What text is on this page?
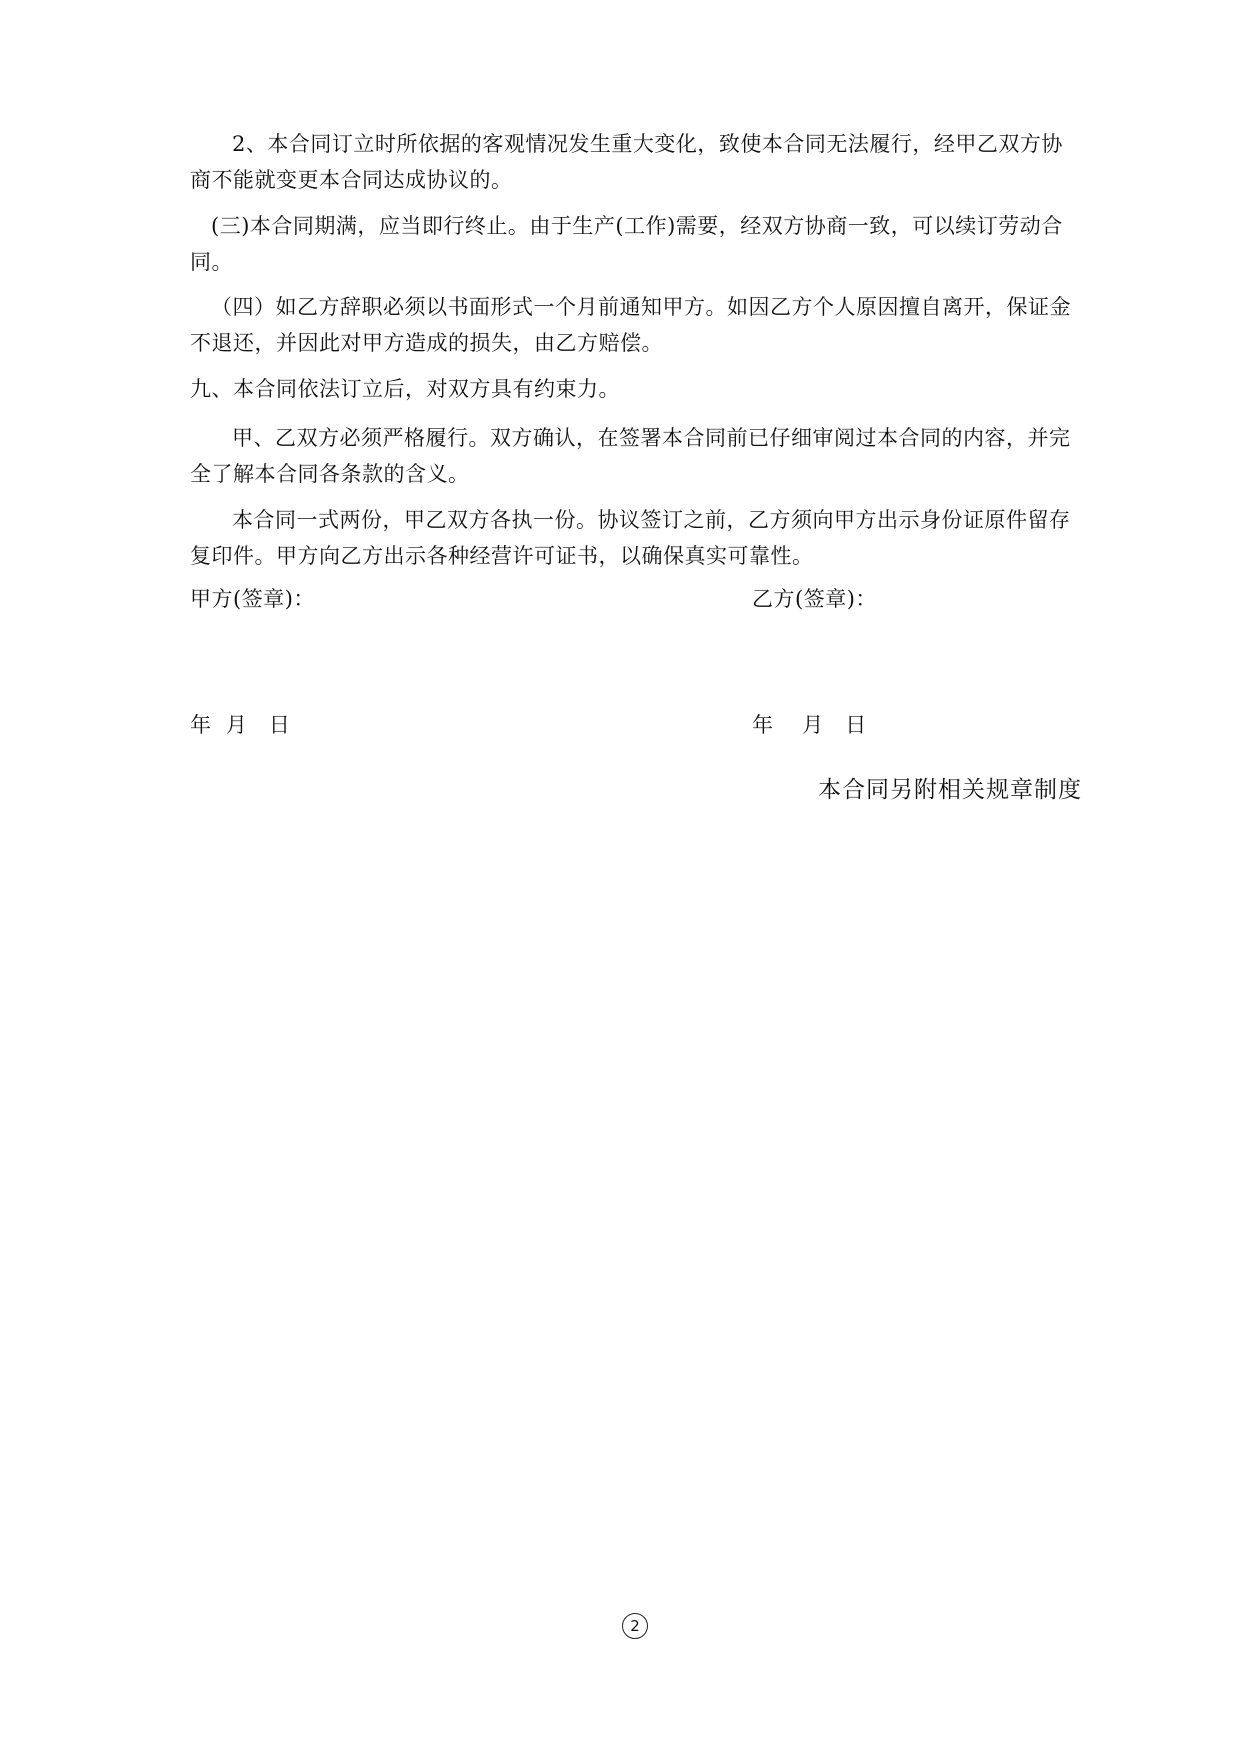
2、本合同订立时所依据的客观情况发生重大变化，致使本合同无法履行，经甲乙双方协商不能就变更本合同达成协议的。

(三)本合同期满，应当即行终止。由于生产(工作)需要，经双方协商一致，可以续订劳动合同。

（四）如乙方辞职必须以书面形式一个月前通知甲方。如因乙方个人原因擅自离开，保证金不退还，并因此对甲方造成的损失，由乙方赔偿。

九、本合同依法订立后，对双方具有约束力。

甲、乙双方必须严格履行。双方确认，在签署本合同前已仔细审阅过本合同的内容，并完全了解本合同各条款的含义。

本合同一式两份，甲乙双方各执一份。协议签订之前，乙方须向甲方出示身份证原件留存复印件。甲方向乙方出示各种经营许可证书，以确保真实可靠性。

甲方(签章)：	乙方(签章)：
年  月   日	年    月   日
本合同另附相关规章制度
2
